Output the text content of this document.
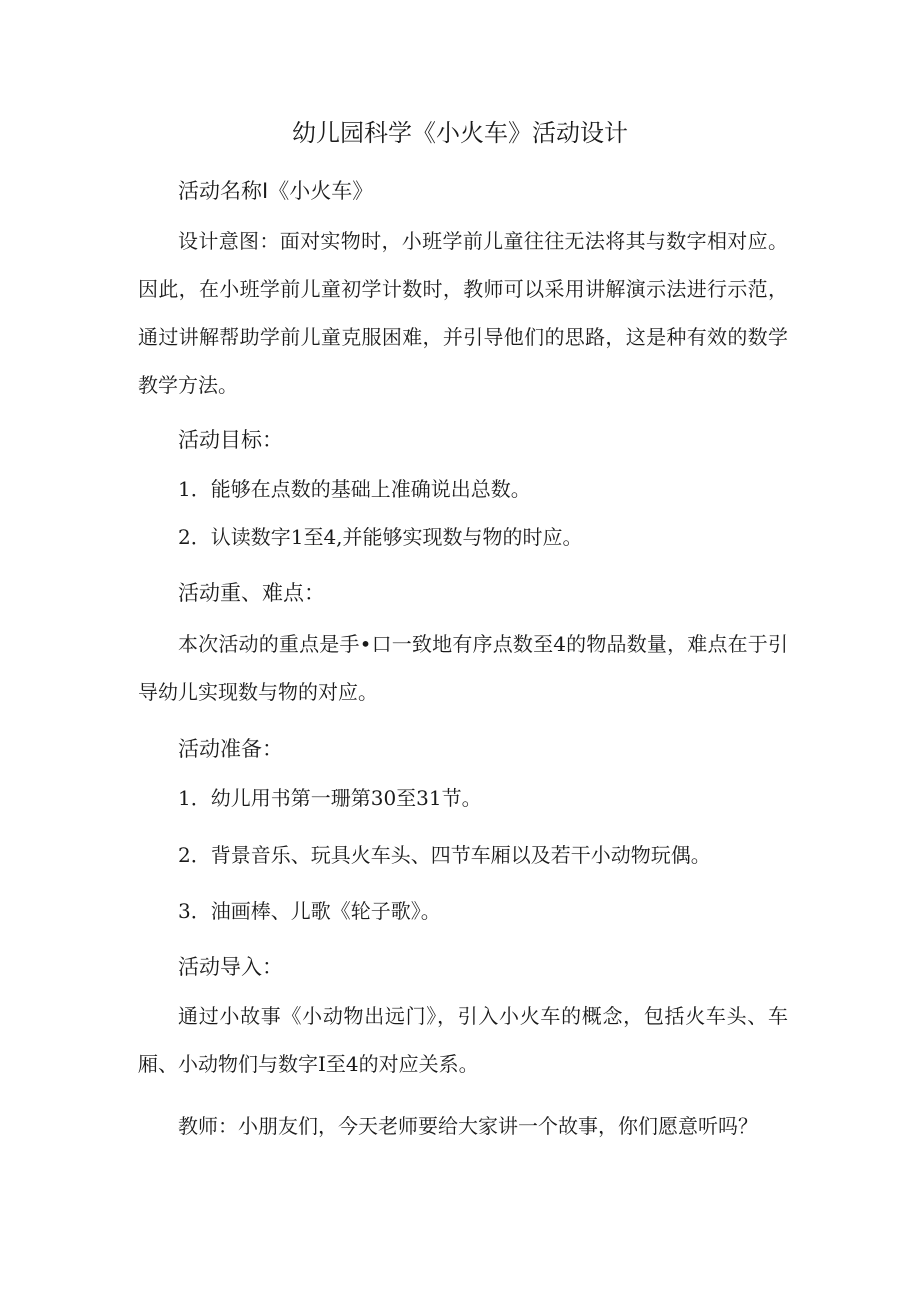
幼儿园科学《小火车》活动设计
活动名称I《小火车》

设计意图：面对实物时，小班学前儿童往往无法将其与数字相对应。因此，在小班学前儿童初学计数时，教师可以采用讲解演示法进行示范，通过讲解帮助学前儿童克服困难，并引导他们的思路，这是种有效的数学教学方法。

活动目标：
1．能够在点数的基础上准确说出总数。
2．认读数字1至4,并能够实现数与物的时应。
活动重、难点：

本次活动的重点是手•口一致地有序点数至4的物品数量，难点在于引导幼儿实现数与物的对应。

活动准备：
1．幼儿用书第一珊第30至31节。
2．背景音乐、玩具火车头、四节车厢以及若干小动物玩偶。
3．油画棒、儿歌《轮子歌》。
活动导入：

通过小故事《小动物出远门》，引入小火车的概念，包括火车头、车厢、小动物们与数字I至4的对应关系。

教师：小朋友们，今天老师要给大家讲一个故事，你们愿意听吗？
